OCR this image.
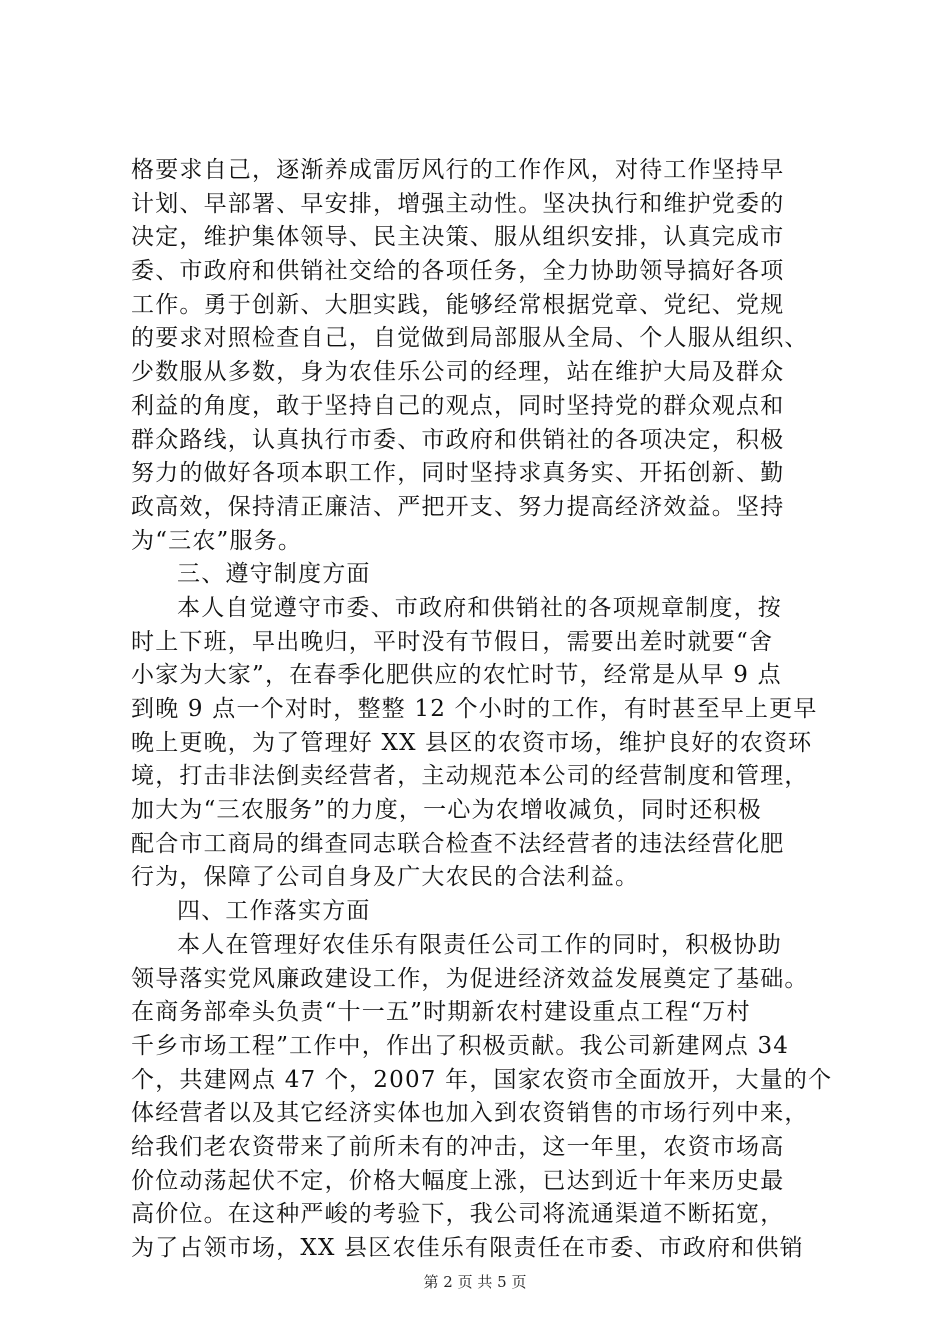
格要求自己，逐渐养成雷厉风行的工作作风，对待工作坚持早
计划、早部署、早安排，增强主动性。坚决执行和维护党委的
决定，维护集体领导、民主决策、服从组织安排，认真完成市
委、市政府和供销社交给的各项任务，全力协助领导搞好各项
工作。勇于创新、大胆实践，能够经常根据党章、党纪、党规
的要求对照检查自己，自觉做到局部服从全局、个人服从组织、
少数服从多数，身为农佳乐公司的经理，站在维护大局及群众
利益的角度，敢于坚持自己的观点，同时坚持党的群众观点和
群众路线，认真执行市委、市政府和供销社的各项决定，积极
努力的做好各项本职工作，同时坚持求真务实、开拓创新、勤
政高效，保持清正廉洁、严把开支、努力提高经济效益。坚持
为“三农”服务。
三、遵守制度方面
本人自觉遵守市委、市政府和供销社的各项规章制度，按
时上下班，早出晚归，平时没有节假日，需要出差时就要“舍
小家为大家”，在春季化肥供应的农忙时节，经常是从早 9 点
到晚 9 点一个对时，整整 12 个小时的工作，有时甚至早上更早
晚上更晚，为了管理好 XX 县区的农资市场，维护良好的农资环
境，打击非法倒卖经营者，主动规范本公司的经营制度和管理，
加大为“三农服务”的力度，一心为农增收减负，同时还积极
配合市工商局的缉查同志联合检查不法经营者的违法经营化肥
行为，保障了公司自身及广大农民的合法利益。
四、工作落实方面
本人在管理好农佳乐有限责任公司工作的同时，积极协助
领导落实党风廉政建设工作，为促进经济效益发展奠定了基础。
在商务部牵头负责“十一五”时期新农村建设重点工程“万村
千乡市场工程”工作中，作出了积极贡献。我公司新建网点 34
个，共建网点 47 个，2007 年，国家农资市全面放开，大量的个
体经营者以及其它经济实体也加入到农资销售的市场行列中来，
给我们老农资带来了前所未有的冲击，这一年里，农资市场高
价位动荡起伏不定，价格大幅度上涨，已达到近十年来历史最
高价位。在这种严峻的考验下，我公司将流通渠道不断拓宽，
为了占领市场，XX 县区农佳乐有限责任在市委、市政府和供销
第 2 页 共 5 页
